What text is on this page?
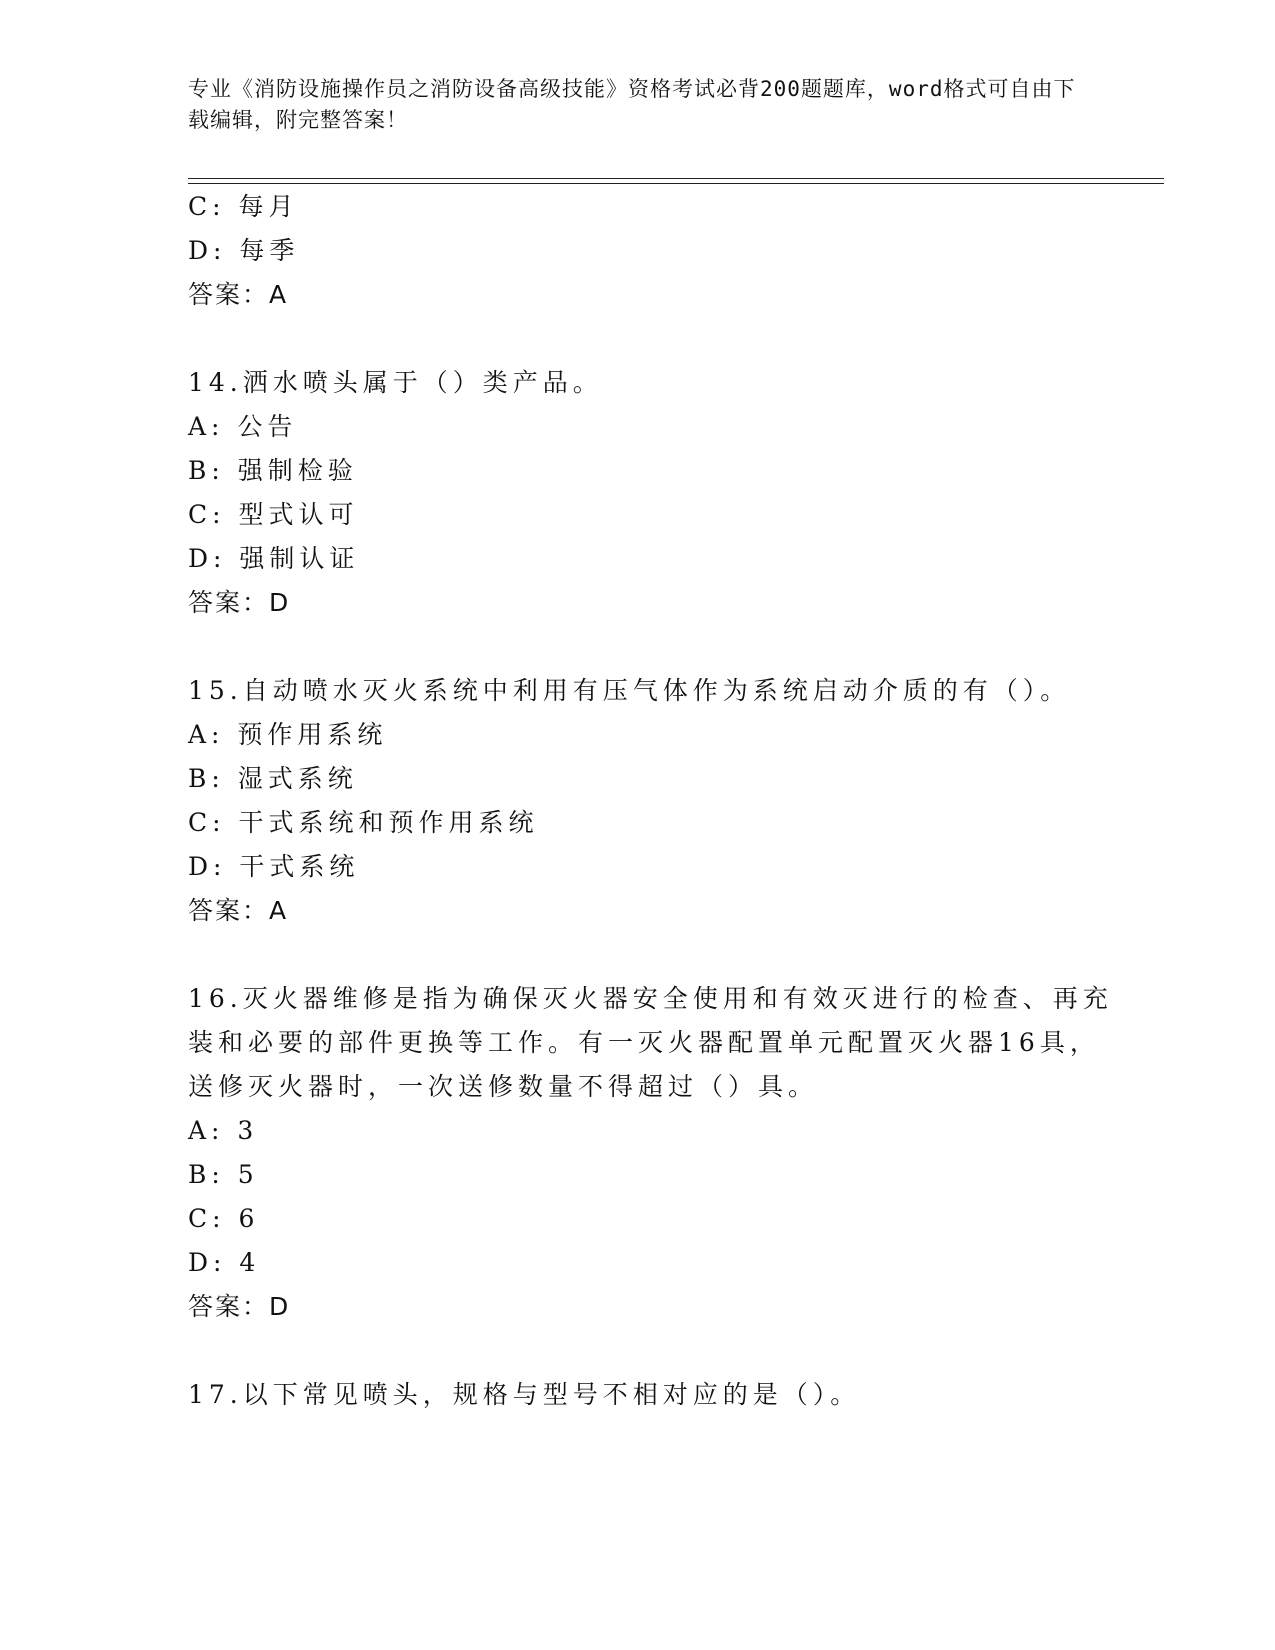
专业《消防设施操作员之消防设备高级技能》资格考试必背200题题库，word格式可自由下载编辑，附完整答案！
C: 每月
D: 每季
答案：A
14.洒水喷头属于（）类产品。
A: 公告
B: 强制检验
C: 型式认可
D: 强制认证
答案：D
15.自动喷水灭火系统中利用有压气体作为系统启动介质的有（）。
A: 预作用系统
B: 湿式系统
C: 干式系统和预作用系统
D: 干式系统
答案：A
16.灭火器维修是指为确保灭火器安全使用和有效灭进行的检查、再充
装和必要的部件更换等工作。有一灭火器配置单元配置灭火器16具，
送修灭火器时，一次送修数量不得超过（）具。
A: 3
B: 5
C: 6
D: 4
答案：D
17.以下常见喷头，规格与型号不相对应的是（）。
